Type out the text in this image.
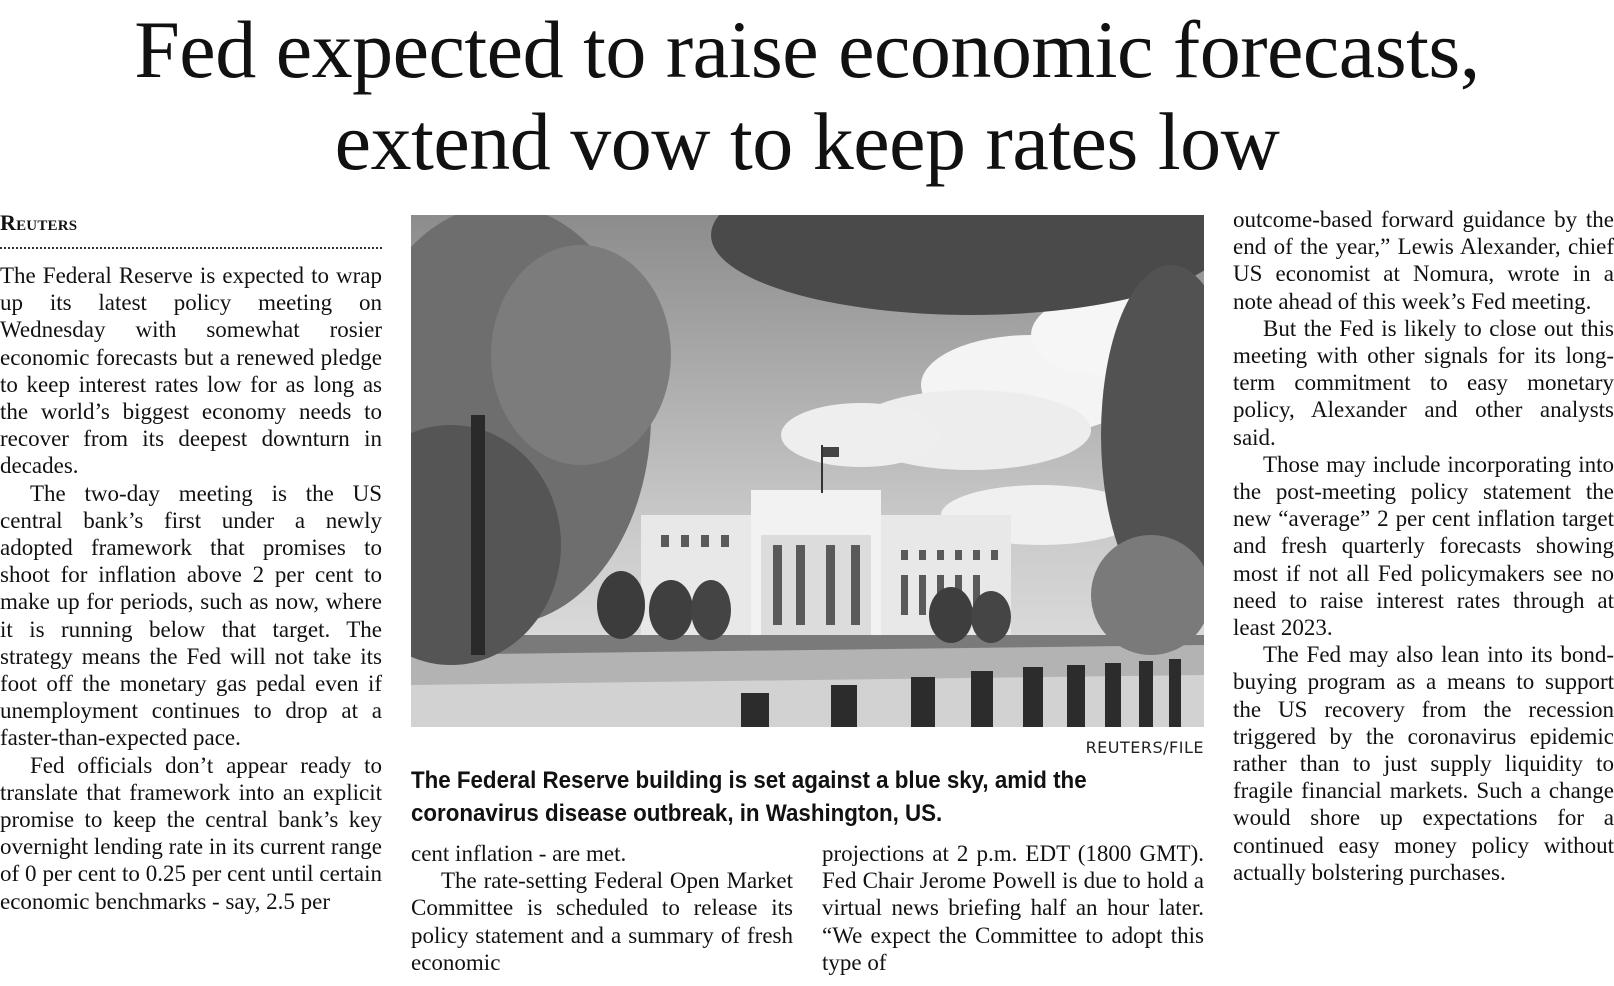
Fed expected to raise economic forecasts,
extend vow to keep rates low
Reuters

The Federal Reserve is expected to wrap up its latest policy meeting on Wednesday with somewhat rosier economic forecasts but a renewed pledge to keep interest rates low for as long as the world’s biggest economy needs to recover from its deepest downturn in decades.

The two-day meeting is the US central bank’s first under a newly adopted framework that promises to shoot for inflation above 2 per cent to make up for periods, such as now, where it is running below that target. The strategy means the Fed will not take its foot off the monetary gas pedal even if unemployment continues to drop at a faster-than-expected pace.

Fed officials don’t appear ready to translate that framework into an explicit promise to keep the central bank’s key overnight lending rate in its current range of 0 per cent to 0.25 per cent until certain economic benchmarks - say, 2.5 per

REUTERS/FILE
The Federal Reserve building is set against a blue sky, amid the coronavirus disease outbreak, in Washington, US.

cent inflation - are met.

The rate-setting Federal Open Market Committee is scheduled to release its policy statement and a summary of fresh economic

projections at 2 p.m. EDT (1800 GMT). Fed Chair Jerome Powell is due to hold a virtual news briefing half an hour later. “We expect the Committee to adopt this type of

outcome-based forward guidance by the end of the year,” Lewis Alexander, chief US economist at Nomura, wrote in a note ahead of this week’s Fed meeting.

But the Fed is likely to close out this meeting with other signals for its long-term commitment to easy monetary policy, Alexander and other analysts said.

Those may include incorporating into the post-meeting policy statement the new “average” 2 per cent inflation target and fresh quarterly forecasts showing most if not all Fed policymakers see no need to raise interest rates through at least 2023.

The Fed may also lean into its bond-buying program as a means to support the US recovery from the recession triggered by the coronavirus epidemic rather than to just supply liquidity to fragile financial markets. Such a change would shore up expectations for a continued easy money policy without actually bolstering purchases.
